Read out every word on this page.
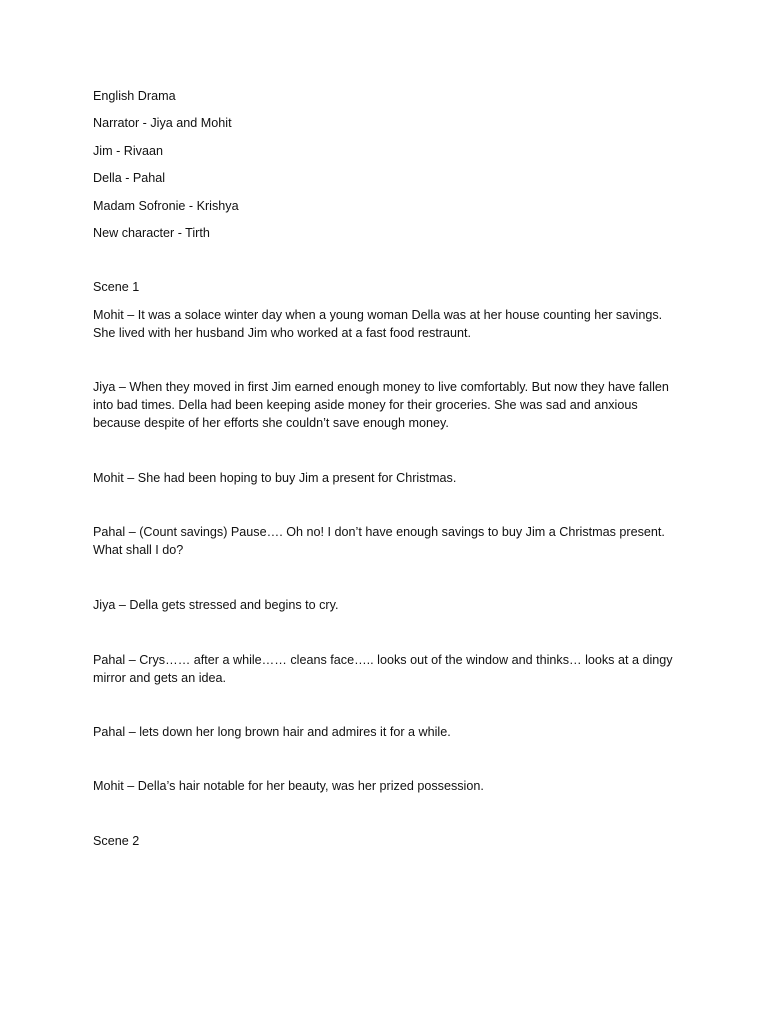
English Drama
Narrator - Jiya and Mohit
Jim - Rivaan
Della - Pahal
Madam Sofronie - Krishya
New character - Tirth
Scene 1
Mohit – It was a solace winter day when a young woman Della was at her house counting her savings. She lived with her husband Jim who worked at a fast food restraunt.
Jiya – When they moved in first Jim earned enough money to live comfortably. But now they have fallen into bad times. Della had been keeping aside money for their groceries. She was sad and anxious because despite of her efforts she couldn’t save enough money.
Mohit – She had been hoping to buy Jim a present for Christmas.
Pahal – (Count savings) Pause…. Oh no! I don’t have enough savings to buy Jim a Christmas present. What shall I do?
Jiya – Della gets stressed and begins to cry.
Pahal – Crys…… after a while…… cleans face….. looks out of the window and thinks… looks at a dingy mirror and gets an idea.
Pahal – lets down her long brown hair and admires it for a while.
Mohit – Della’s hair notable for her beauty, was her prized possession.
Scene 2
